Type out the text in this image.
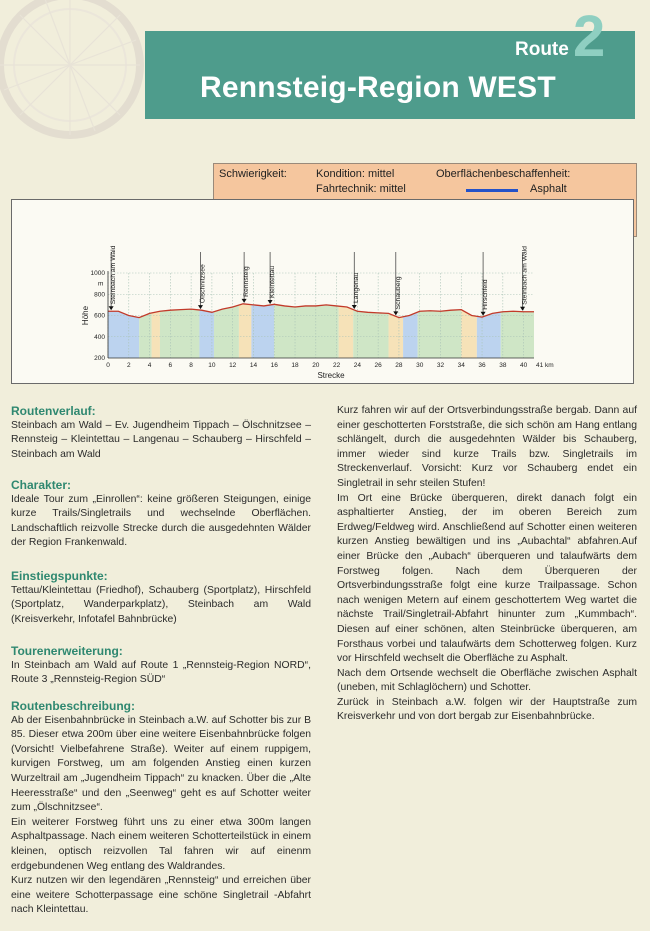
2
Route
Rennsteig-Region WEST
Schwierigkeit:	Kondition: mittel
Fahrtechnik: mittel
Oberflächenbeschaffenheit:
Asphalt
0	2	4	6	8 10 12 14 16 18 20 22 24 26 28 30 32 34 36 38 40 41 km
1000
800
600
400
200
m
Strecke
Höhe
Steinbach am Wald	Ölschnitzsee	Rennsteig	Kleintettau	Langenau	Schauberg	Hirschfeld	Steinbach am Wald
Routenverlauf:

Steinbach am Wald – Ev. Jugendheim Tippach – Ölschnitzsee – Rennsteig – Kleintettau – Langenau – Schauberg – Hirschfeld – Steinbach am Wald

Charakter:

Ideale Tour zum „Einrollen“: keine größeren Steigungen, einige kurze Trails/Singletrails und wechselnde Oberflächen. Landschaftlich reizvolle Strecke durch die ausgedehnten Wälder der Region Frankenwald.

Einstiegspunkte:

Tettau/Kleintettau (Friedhof), Schauberg (Sportplatz), Hirschfeld (Sportplatz, Wanderparkplatz), Steinbach am Wald (Kreisverkehr, Infotafel Bahnbrücke)

Tourenerweiterung:

In Steinbach am Wald auf Route 1 „Rennsteig-Region NORD“, Route 3 „Rennsteig-Region SÜD“

Routenbeschreibung:

Ab der Eisenbahnbrücke in Steinbach a.W. auf Schotter bis zur B 85. Dieser etwa 200m über eine weitere Eisenbahnbrücke folgen (Vorsicht! Vielbefahrene Straße). Weiter auf einem ruppigem, kurvigen Forstweg, um am folgenden Anstieg einen kurzen Wurzeltrail am „Jugendheim Tippach“ zu knacken. Über die „Alte Heeresstraße“ und den „Seenweg“ geht es auf Schotter weiter zum „Ölschnitzsee“.

Ein weiterer Forstweg führt uns zu einer etwa 300m langen Asphaltpassage. Nach einem weiteren Schotterteilstück in einem kleinen, optisch reizvollen Tal fahren wir auf einenm erdgebundenen Weg entlang des Waldrandes.

Kurz nutzen wir den legendären „Rennsteig“ und erreichen über eine weitere Schotterpassage eine schöne Singletrail -Abfahrt nach Kleintettau.

Kurz fahren wir auf der Ortsverbindungsstraße bergab. Dann auf einer geschotterten Forststraße, die sich schön am Hang entlang schlängelt, durch die ausgedehnten Wälder bis Schauberg, immer wieder sind kurze Trails bzw. Singletrails im Streckenverlauf. Vorsicht: Kurz vor Schauberg endet ein Singletrail in sehr steilen Stufen!

Im Ort eine Brücke überqueren, direkt danach folgt ein asphaltierter Anstieg, der im oberen Bereich zum Erdweg/Feldweg wird. Anschließend auf Schotter einen weiteren kurzen Anstieg bewältigen und ins „Aubachtal“ abfahren.Auf einer Brücke den „Aubach“ überqueren und talaufwärts dem Forstweg folgen. Nach dem Überqueren der Ortsverbindungsstraße folgt eine kurze Trailpassage. Schon nach wenigen Metern auf einem geschottertem Weg wartet die nächste Trail/Singletrail-Abfahrt hinunter zum „Kummbach“. Diesen auf einer schönen, alten Steinbrücke überqueren, am Forsthaus vorbei und talaufwärts dem Schotterweg folgen. Kurz vor Hirschfeld wechselt die Oberfläche zu Asphalt.

Nach dem Ortsende wechselt die Oberfläche zwischen Asphalt (uneben, mit Schlaglöchern) und Schotter.

Zurück in Steinbach a.W. folgen wir der Hauptstraße zum Kreisverkehr und von dort bergab zur Eisenbahnbrücke.
